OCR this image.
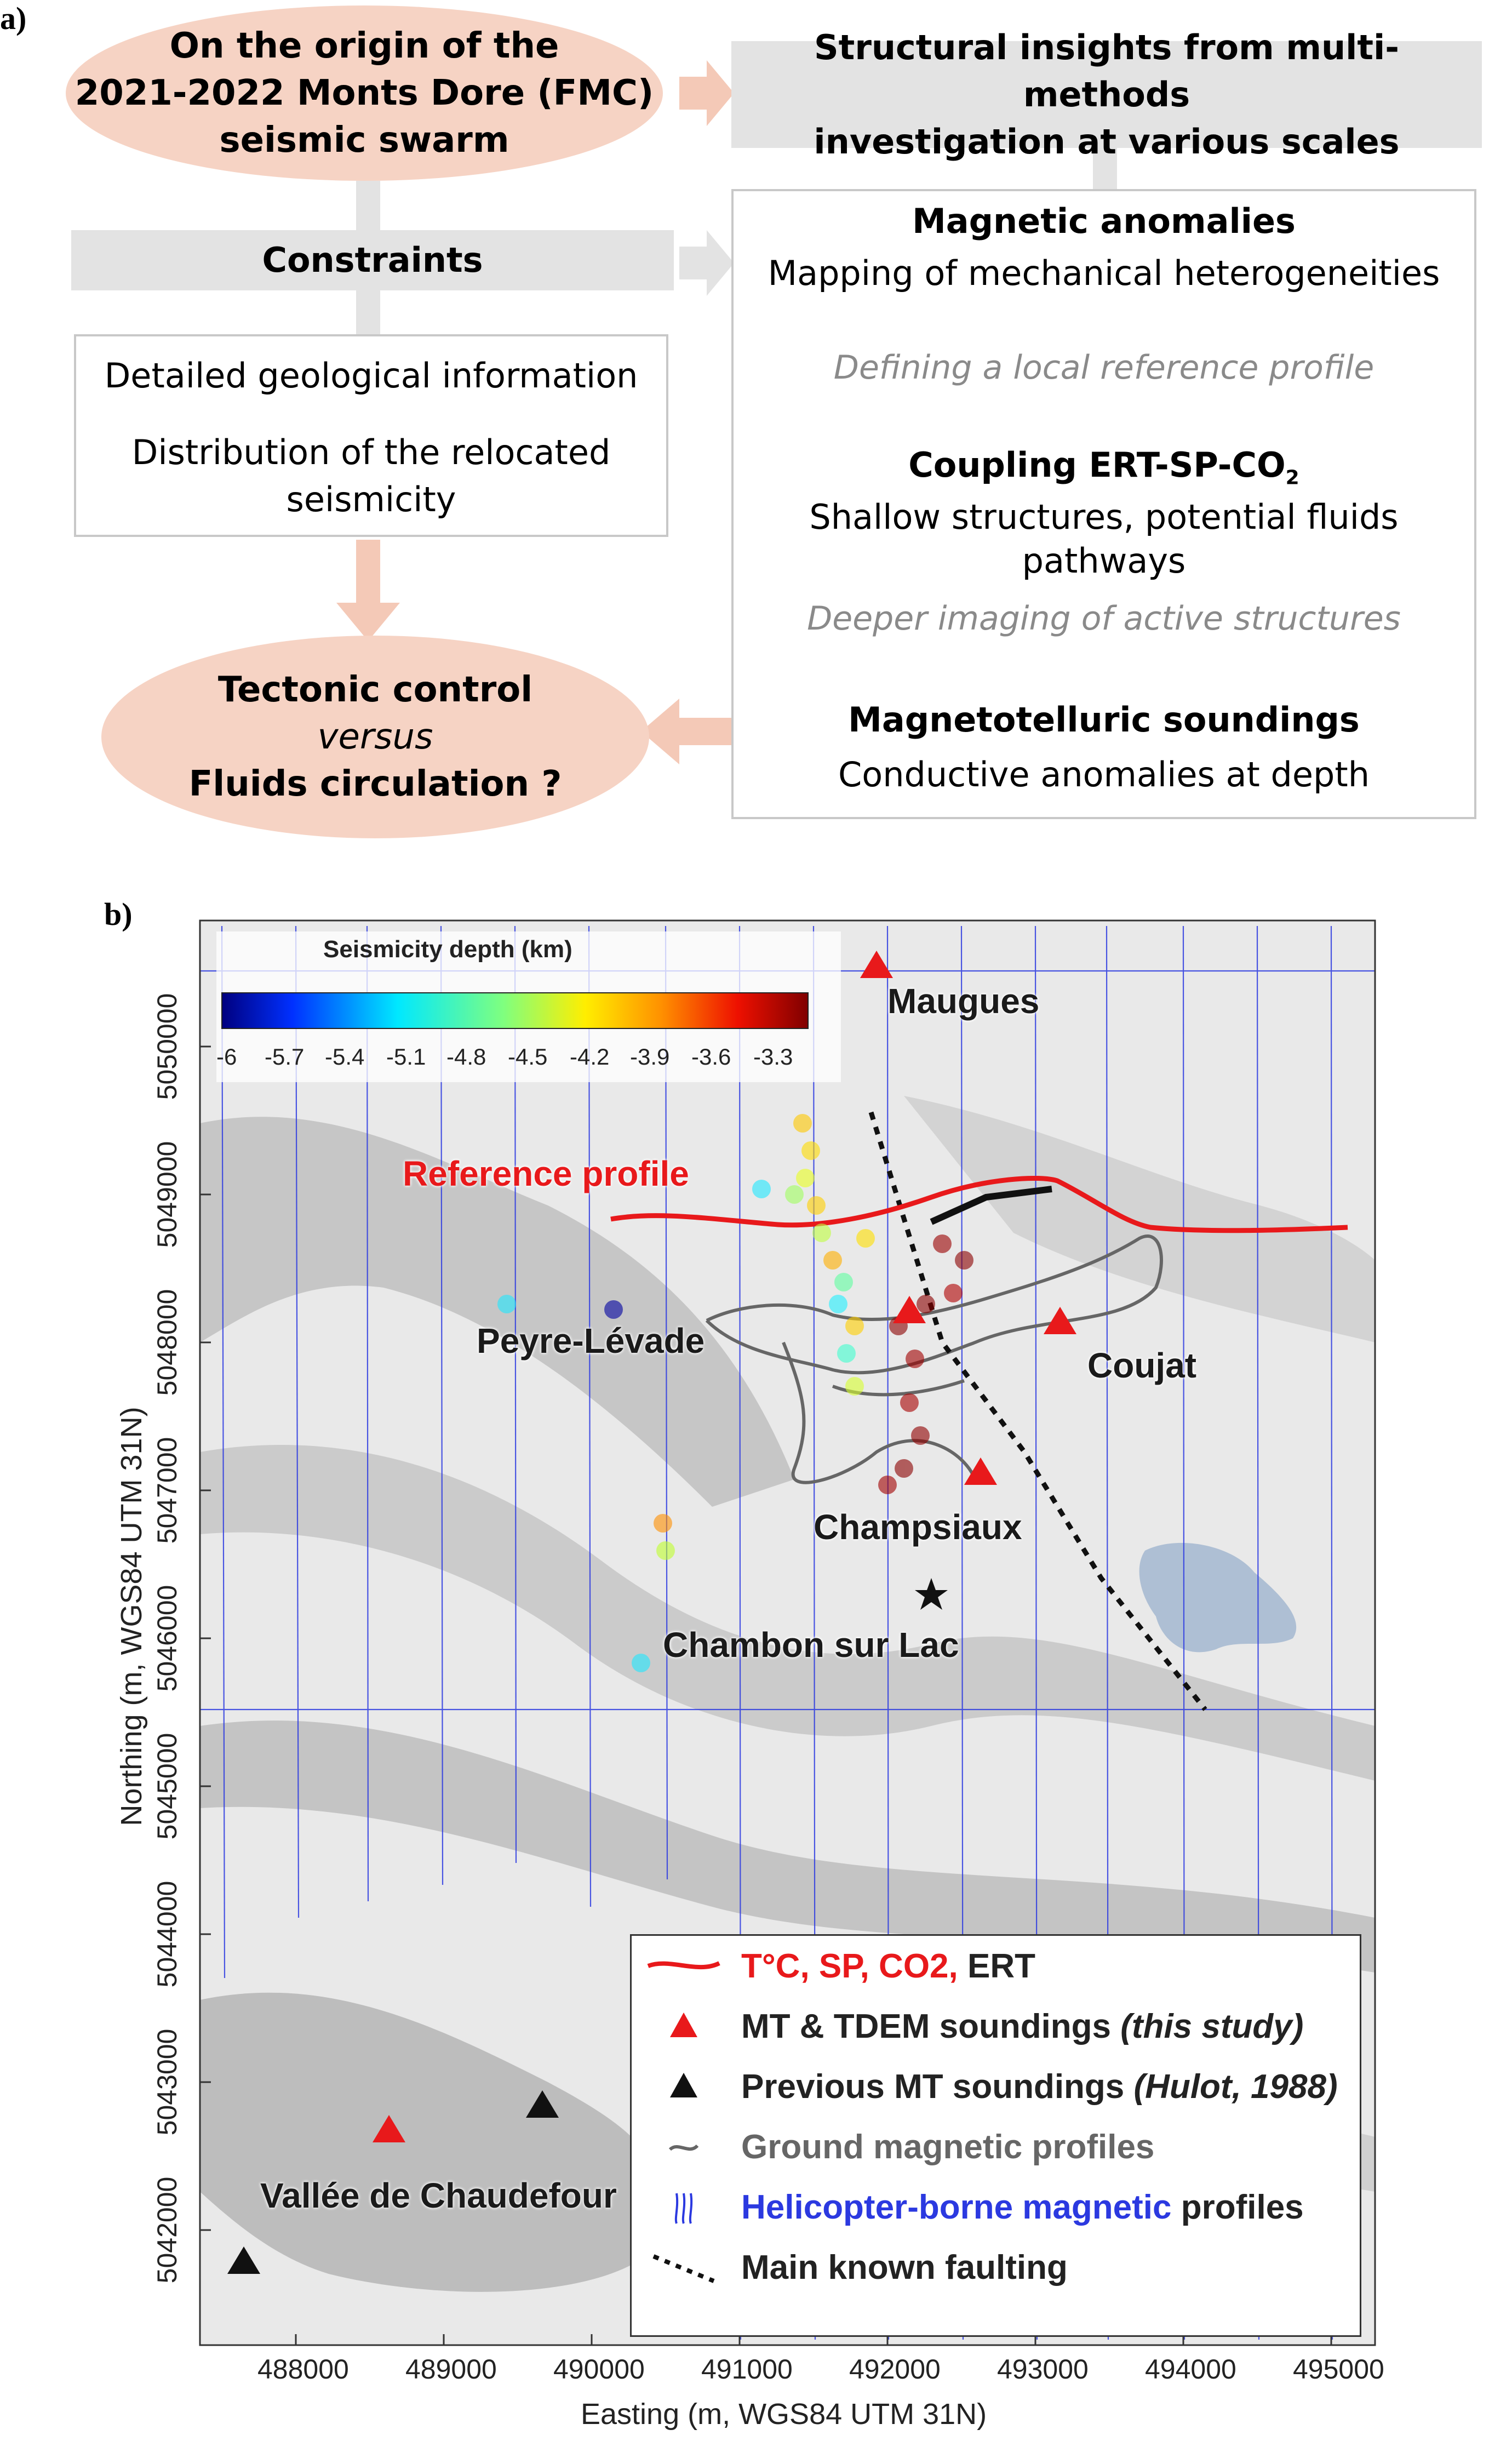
a)
On the origin of the
2021-2022 Monts Dore (FMC)
seismic swarm
Structural insights from multi-methods
investigation at various scales
Constraints
Detailed geological information
Distribution of the relocated
seismicity
Magnetic anomalies
Mapping of mechanical heterogeneities
Defining a local reference profile
Coupling ERT-$SP-CO_2$
Shallow structures, potential fluids pathways
Deeper imaging of active structures
Magnetotelluric soundings
Conductive anomalies at depth
Tectonic control
versus
Fluids circulation ?
b)
Seismicity depth (km)
-6 -5.7 -5.4 -5.1 -4.8 -4.5 -4.2 -3.9 -3.6 -3.3
Maugues
Reference profile
Peyre-Lévade
Coujat
Champsiaux
Chambon sur Lac
Vallée de Chaudefour
T°C, SP, CO2, ERT
MT & TDEM soundings (this study)
Previous MT soundings (Hulot, 1988)
Ground magnetic profiles
Helicopter-borne magnetic profiles
Main known faulting
488000 489000 490000 491000 492000 493000 494000 495000
Easting (m, WGS84 UTM 31N)
5042000
5043000
5044000
5045000
5046000
5047000
5048000
5049000
5050000
Northing (m, WGS84 UTM 31N)
